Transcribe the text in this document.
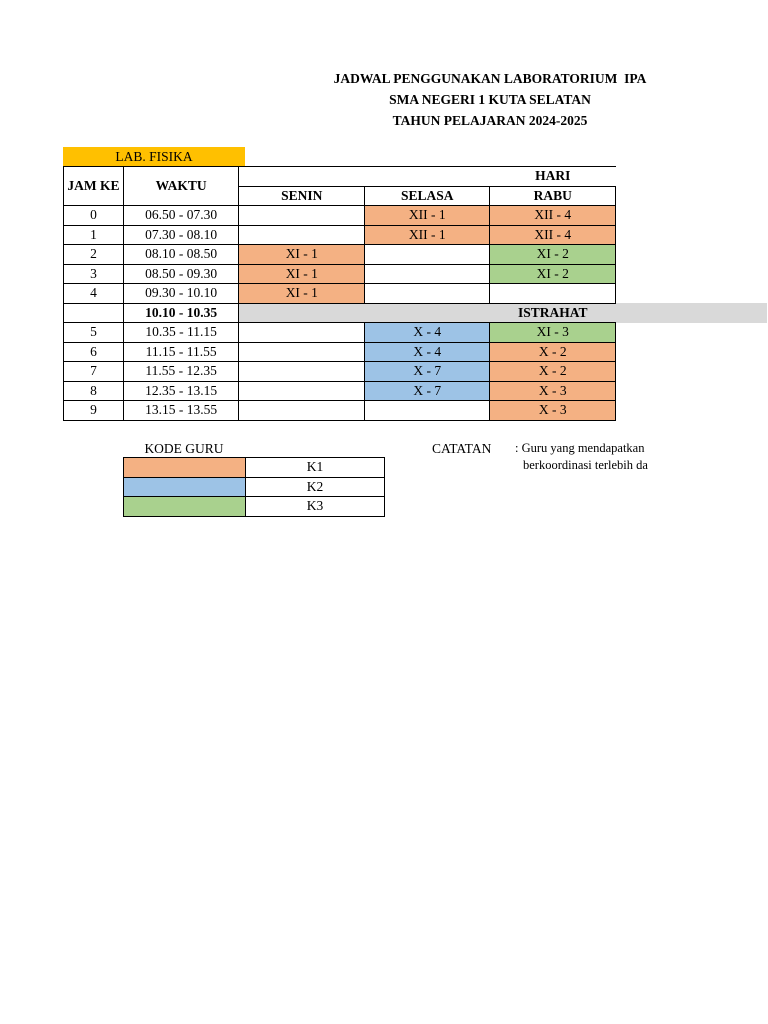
JADWAL PENGGUNAKAN LABORATORIUM  IPA
SMA NEGERI 1 KUTA SELATAN
TAHUN PELAJARAN 2024-2025
LAB. FISIKA
JAM KE	WAKTU			HARI	
		SENIN	SELASA	RABU	
0	06.50 - 07.30		XII - 1	XII - 4	
1	07.30 - 08.10		XII - 1	XII - 4	
2	08.10 - 08.50	XI - 1		XI - 2	
3	08.50 - 09.30	XI - 1		XI - 2	
4	09.30 - 10.10	XI - 1			
	10.10 - 10.35			ISTRAHAT	
5	10.35 - 11.15		X - 4	XI - 3	
6	11.15 - 11.55		X - 4	X - 2	
7	11.55 - 12.35		X - 7	X - 2	
8	12.35 - 13.15		X - 7	X - 3	
9	13.15 - 13.55			X - 3	
KODE GURU
	K1
	K2
	K3
CATATAN : Guru yang mendapatkan
berkoordinasi terlebih da
